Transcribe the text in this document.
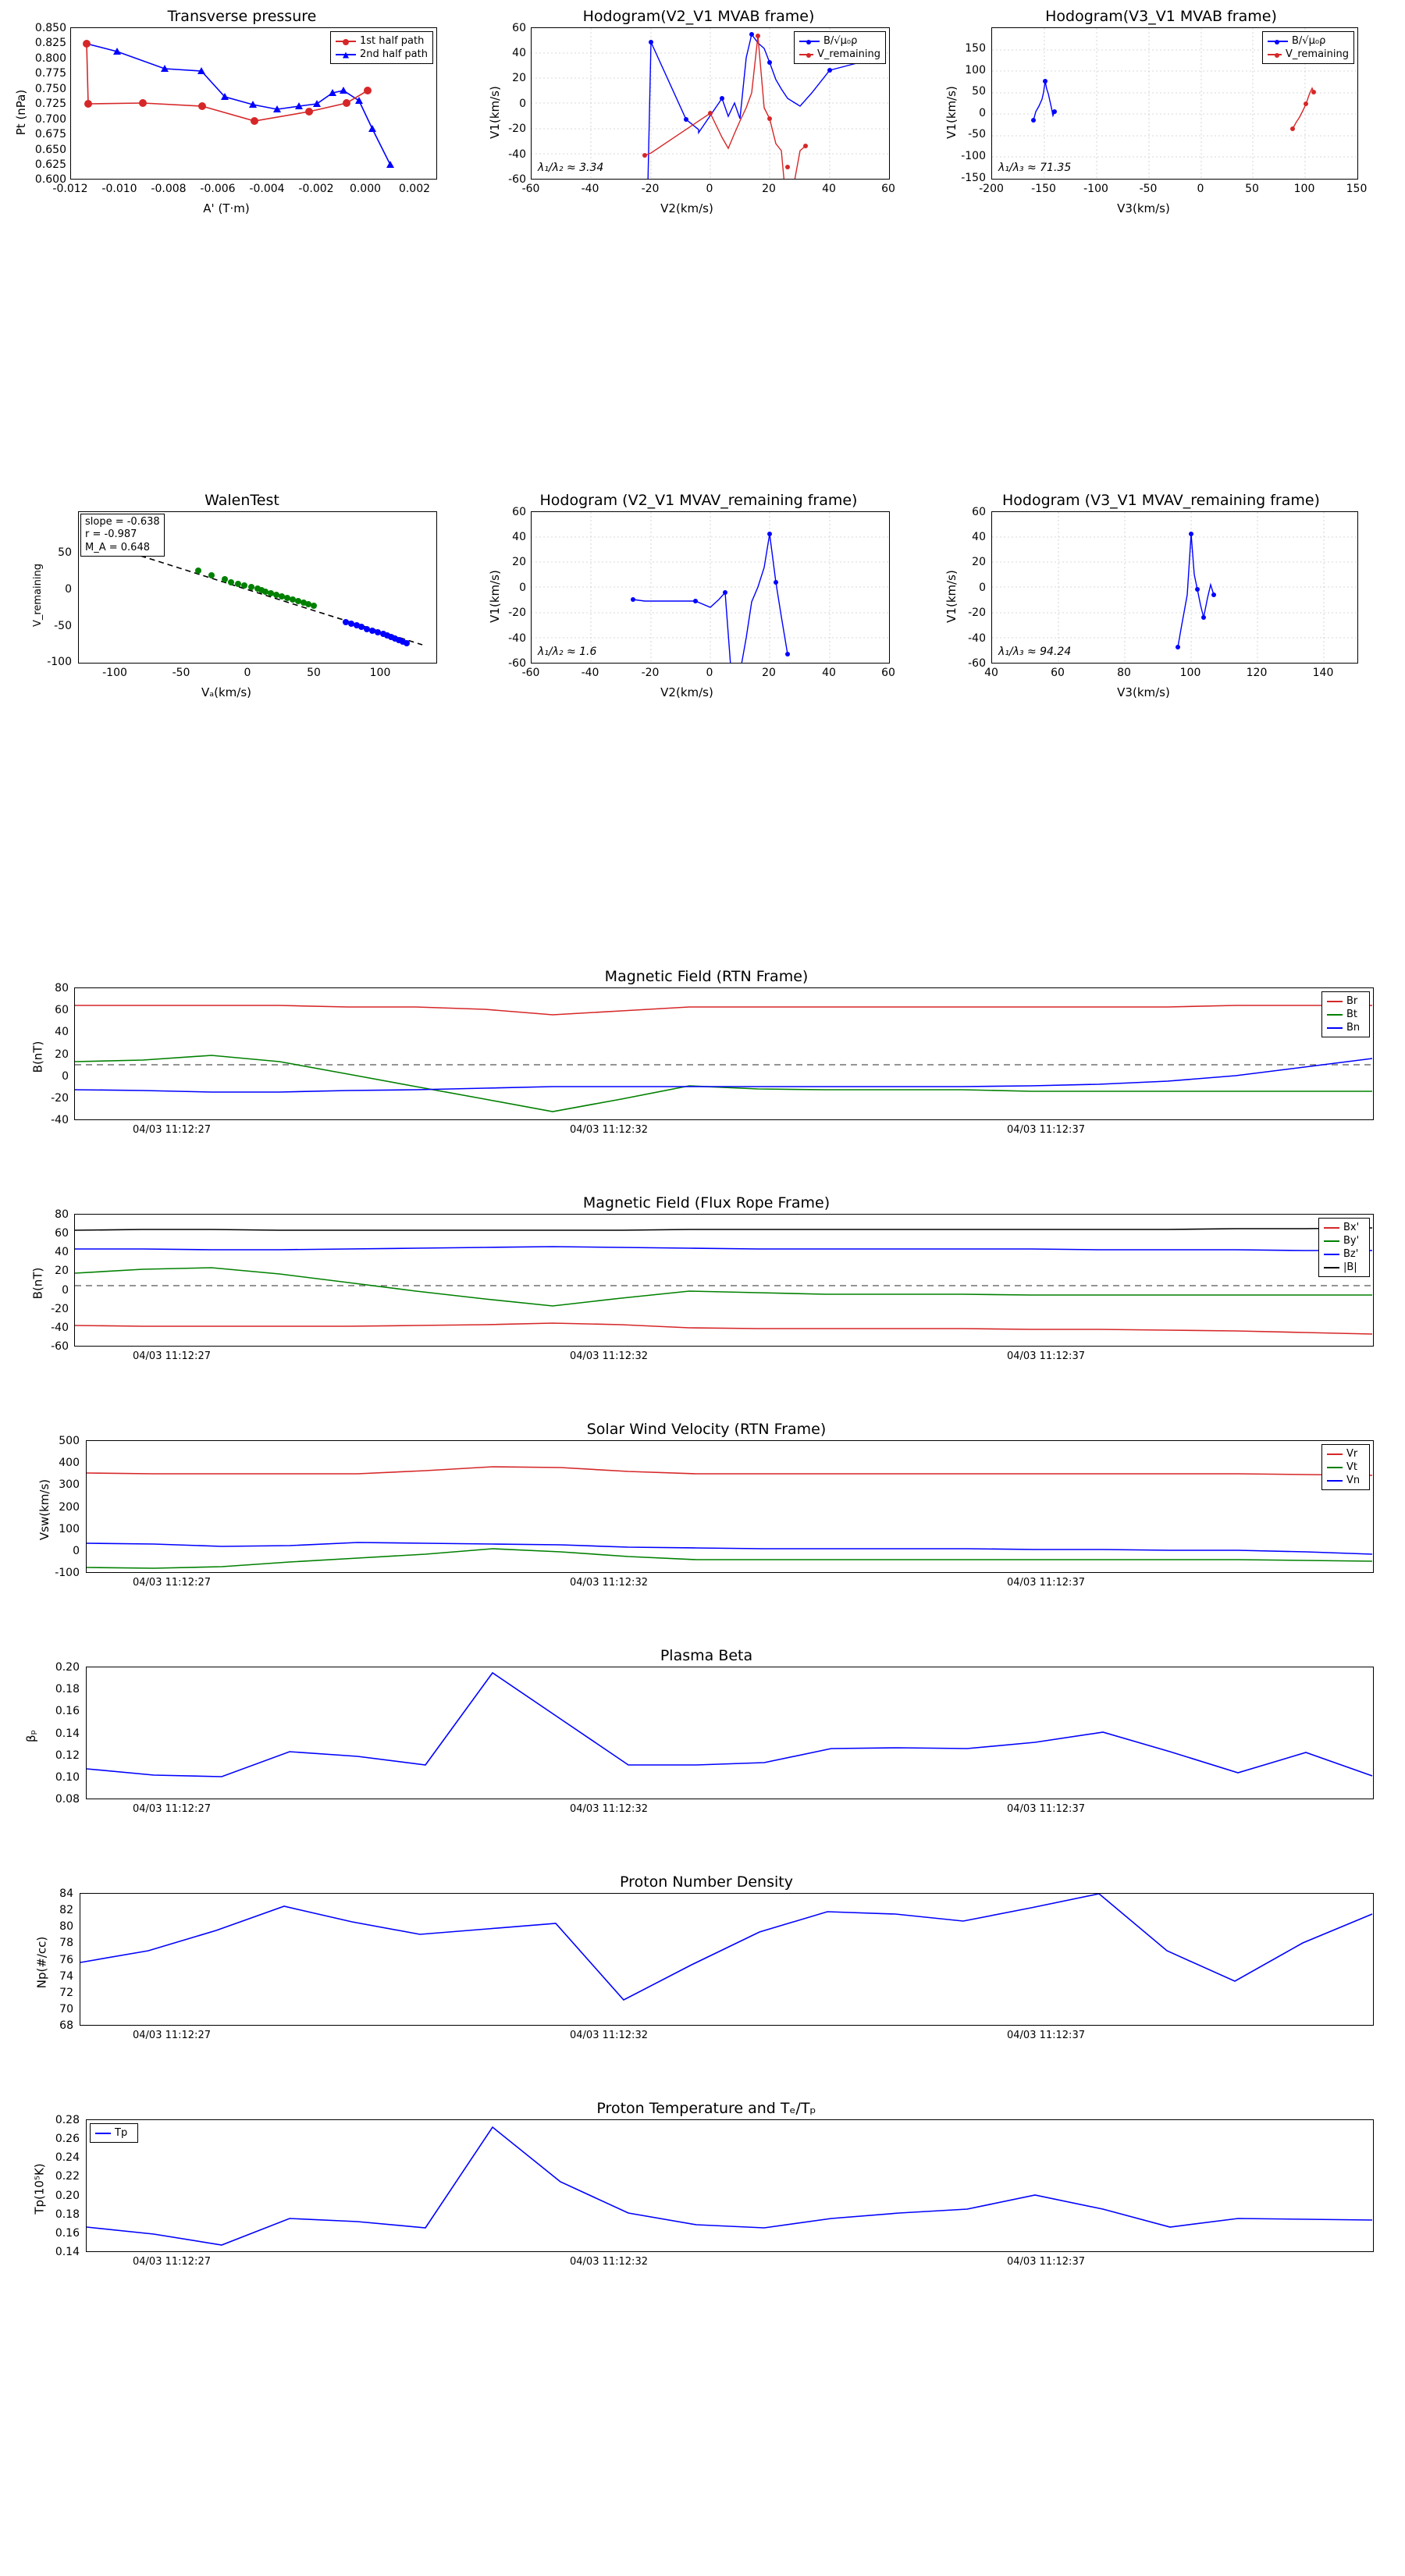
Transverse pressure
Pt (nPa)
A' (T·m)
1st half path
2nd half path
0.850
0.825
0.800
0.775
0.750
0.725
0.700
0.675
0.650
0.625
0.600
-0.012 -0.010 -0.008 -0.006 -0.004 -0.002 0.000 0.002
Hodogram(V2_V1 MVAB frame)
V1(km/s)
V2(km/s)
B/√μ₀ρ
V_remaining
λ₁/λ₂ ≈ 3.34
60
40
20
0
-20
-40
-60
-60	-40	-20	0	20	40	60
Hodogram(V3_V1 MVAB frame)
V1(km/s)
V3(km/s)
B/√μ₀ρ
V_remaining
λ₁/λ₃ ≈ 71.35
150
100
50
0
-50
-100
-150
-200	-150	-100	-50	0	50	100	150
WalenTest
V_remaining
Vₐ(km/s)
slope = -0.638
r = -0.987
M_A = 0.648
50
0
-50
-100
-100	-50	0	50	100
Hodogram (V2_V1 MVAV_remaining frame)
V1(km/s)
V2(km/s)
λ₁/λ₂ ≈ 1.6
60
40
20
0
-20
-40
-60
-60	-40	-20	0	20	40	60
Hodogram (V3_V1 MVAV_remaining frame)
V1(km/s)
V3(km/s)
λ₁/λ₃ ≈ 94.24
60
40
20
0
-20
-40
-60
40	60	80	100	120	140
Magnetic Field (RTN Frame)
B(nT)
Br
Bt
Bn
80
60
40
20
0
-20
-40
04/03 11:12:27	04/03 11:12:32	04/03 11:12:37
Magnetic Field (Flux Rope Frame)
B(nT)
Bx'
By'
Bz'
|B|
80
60
40
20
0
-20
-40
-60
04/03 11:12:27	04/03 11:12:32	04/03 11:12:37
Solar Wind Velocity (RTN Frame)
Vsw(km/s)
Vr
Vt
Vn
500
400
300
200
100
0
-100
04/03 11:12:27	04/03 11:12:32	04/03 11:12:37
Plasma Beta
βₚ
0.20
0.18
0.16
0.14
0.12
0.10
0.08
04/03 11:12:27	04/03 11:12:32	04/03 11:12:37
Proton Number Density
Np(#/cc)
84
82
80
78
76
74
72
70
68
04/03 11:12:27	04/03 11:12:32	04/03 11:12:37
Proton Temperature and Tₑ/Tₚ
Tp(10⁵K)
Tp
0.28
0.26
0.24
0.22
0.20
0.18
0.16
0.14
04/03 11:12:27	04/03 11:12:32	04/03 11:12:37
